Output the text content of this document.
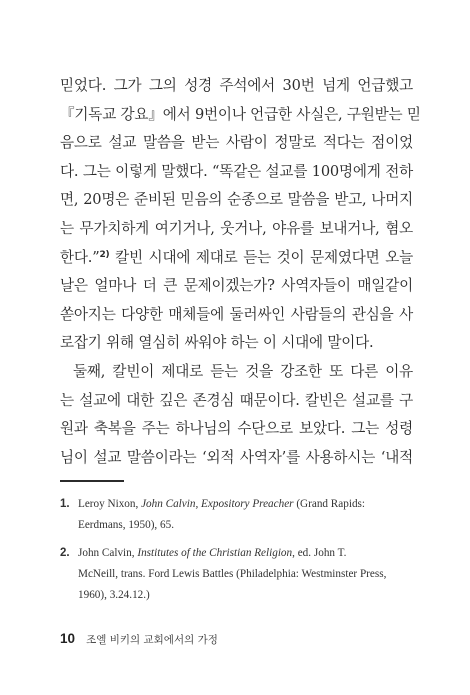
믿었다. 그가 그의 성경 주석에서 30번 넘게 언급했고
『기독교 강요』에서 9번이나 언급한 사실은, 구원받는 믿
음으로 설교 말씀을 받는 사람이 정말로 적다는 점이었
다. 그는 이렇게 말했다. “똑같은 설교를 100명에게 전하
면, 20명은 준비된 믿음의 순종으로 말씀을 받고, 나머지
는 무가치하게 여기거나, 웃거나, 야유를 보내거나, 혐오
한다.”$^{2)}$ 칼빈 시대에 제대로 듣는 것이 문제였다면 오늘
날은 얼마나 더 큰 문제이겠는가? 사역자들이 매일같이
쏟아지는 다양한 매체들에 둘러싸인 사람들의 관심을 사
로잡기 위해 열심히 싸워야 하는 이 시대에 말이다.
둘째, 칼빈이 제대로 듣는 것을 강조한 또 다른 이유
는 설교에 대한 깊은 존경심 때문이다. 칼빈은 설교를 구
원과 축복을 주는 하나님의 수단으로 보았다. 그는 성령
님이 설교 말씀이라는 ‘외적 사역자’를 사용하시는 ‘내적
1. Leroy Nixon, John Calvin, Expository Preacher (Grand Rapids:
Eerdmans, 1950), 65.
2. John Calvin, Institutes of the Christian Religion, ed. John T.
McNeill, trans. Ford Lewis Battles (Philadelphia: Westminster Press,
1960), 3.24.12.)
10 조엘 비키의 교회에서의 가정
